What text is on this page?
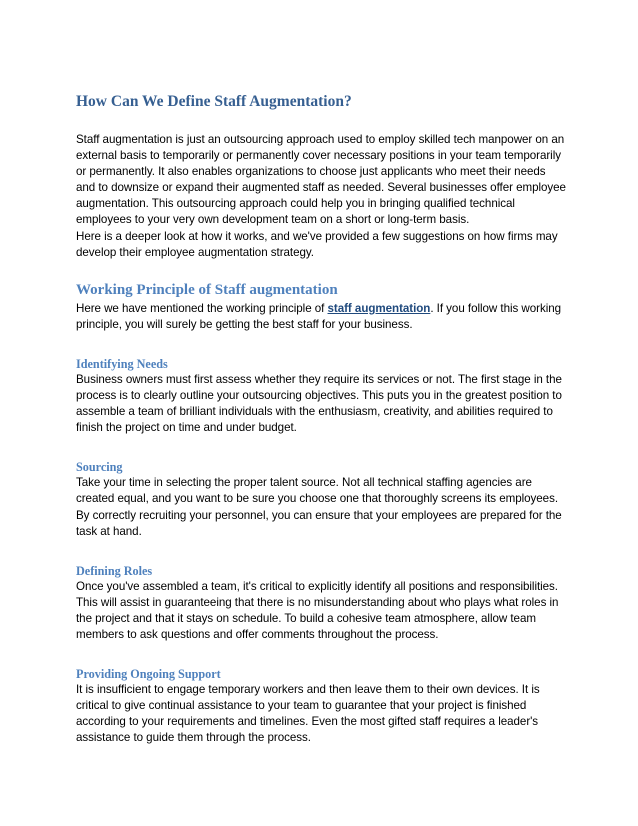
How Can We Define Staff Augmentation?

Staff augmentation is just an outsourcing approach used to employ skilled tech manpower on an external basis to temporarily or permanently cover necessary positions in your team temporarily or permanently. It also enables organizations to choose just applicants who meet their needs and to downsize or expand their augmented staff as needed. Several businesses offer employee augmentation. This outsourcing approach could help you in bringing qualified technical employees to your very own development team on a short or long-term basis.

Here is a deeper look at how it works, and we've provided a few suggestions on how firms may develop their employee augmentation strategy.

Working Principle of Staff augmentation

Here we have mentioned the working principle of staff augmentation. If you follow this working principle, you will surely be getting the best staff for your business.

Identifying Needs

Business owners must first assess whether they require its services or not. The first stage in the process is to clearly outline your outsourcing objectives. This puts you in the greatest position to assemble a team of brilliant individuals with the enthusiasm, creativity, and abilities required to finish the project on time and under budget.

Sourcing

Take your time in selecting the proper talent source. Not all technical staffing agencies are created equal, and you want to be sure you choose one that thoroughly screens its employees. By correctly recruiting your personnel, you can ensure that your employees are prepared for the task at hand.

Defining Roles

Once you've assembled a team, it's critical to explicitly identify all positions and responsibilities. This will assist in guaranteeing that there is no misunderstanding about who plays what roles in the project and that it stays on schedule. To build a cohesive team atmosphere, allow team members to ask questions and offer comments throughout the process.

Providing Ongoing Support

It is insufficient to engage temporary workers and then leave them to their own devices. It is critical to give continual assistance to your team to guarantee that your project is finished according to your requirements and timelines. Even the most gifted staff requires a leader's assistance to guide them through the process.
